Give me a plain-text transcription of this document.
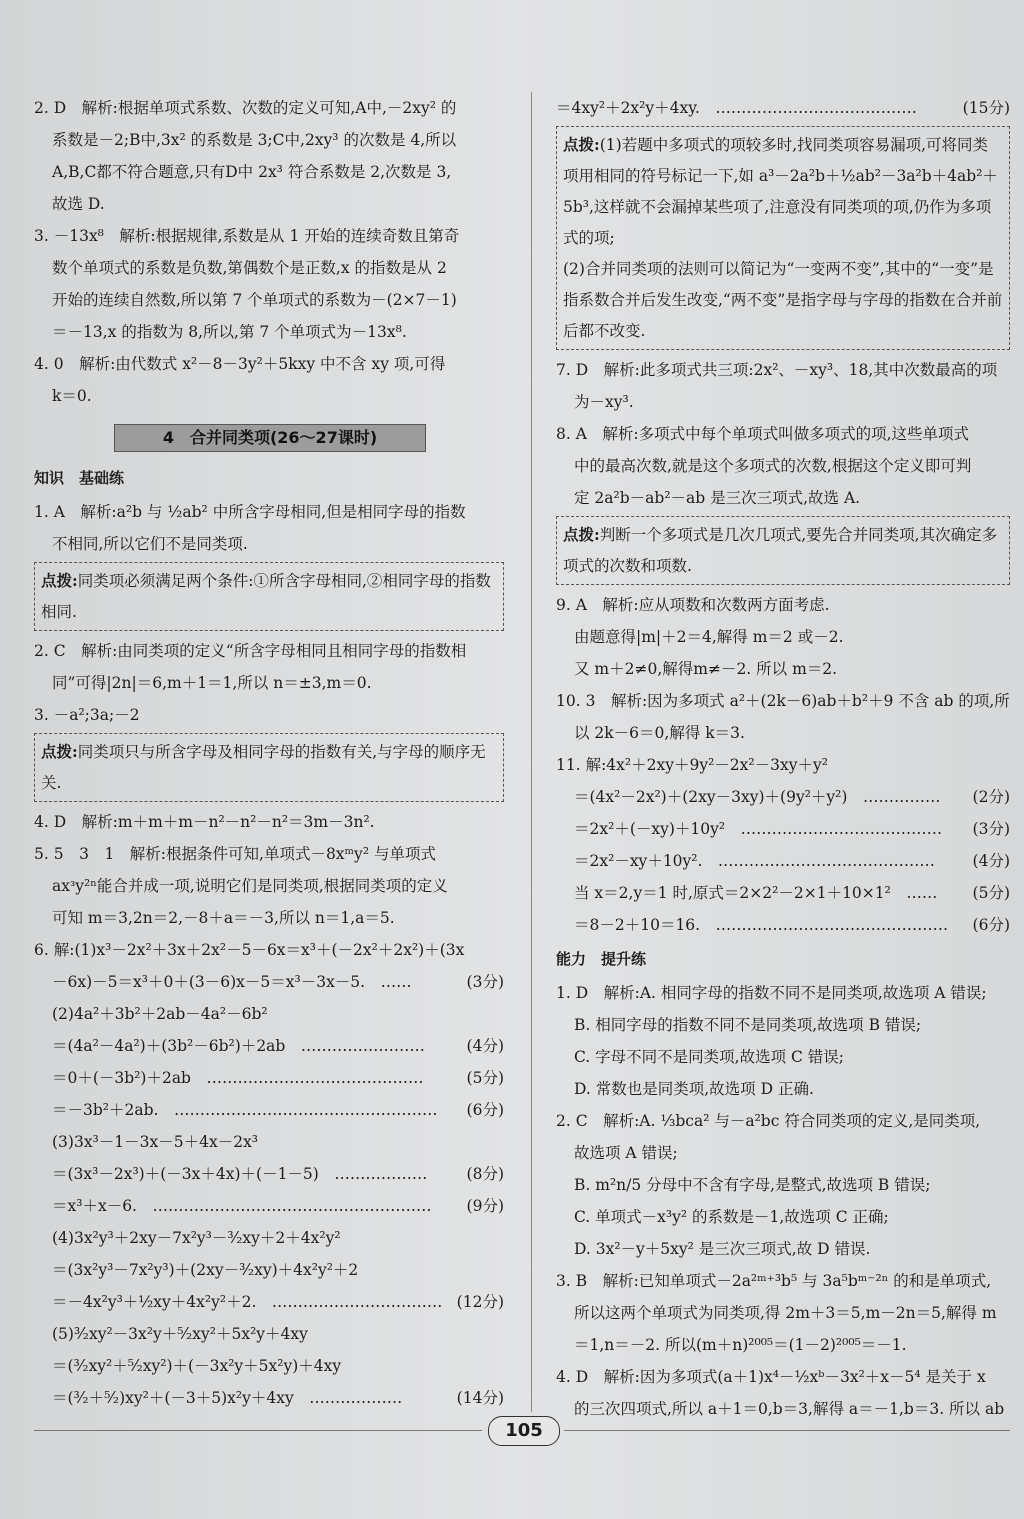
2. D　解析:根据单项式系数、次数的定义可知,A中,－2xy² 的
系数是－2;B中,3x² 的系数是 3;C中,2xy³ 的次数是 4,所以
A,B,C都不符合题意,只有D中 2x³ 符合系数是 2,次数是 3,
故选 D.
3. －13x⁸　解析:根据规律,系数是从 1 开始的连续奇数且第奇
数个单项式的系数是负数,第偶数个是正数,x 的指数是从 2
开始的连续自然数,所以第 7 个单项式的系数为－(2×7－1)
＝－13,x 的指数为 8,所以,第 7 个单项式为－13x⁸.
4. 0　解析:由代数式 x²－8－3y²＋5kxy 中不含 xy 项,可得
k＝0.
4　合并同类项(26～27课时)
知识　基础练
1. A　解析:a²b 与 ½ab² 中所含字母相同,但是相同字母的指数
不相同,所以它们不是同类项.
点拨:同类项必须满足两个条件:①所含字母相同,②相同字母的指数相同.
2. C　解析:由同类项的定义“所含字母相同且相同字母的指数相
同”可得|2n|＝6,m＋1＝1,所以 n＝±3,m＝0.
3. －a²;3a;－2
点拨:同类项只与所含字母及相同字母的指数有关,与字母的顺序无关.
4. D　解析:m＋m＋m－n²－n²－n²＝3m－3n².
5. 5　3　1　解析:根据条件可知,单项式－8xᵐy² 与单项式
axᵌy²ⁿ能合并成一项,说明它们是同类项,根据同类项的定义
可知 m＝3,2n＝2,－8＋a＝－3,所以 n＝1,a＝5.
6. 解:(1)x³－2x²＋3x＋2x²－5－6x＝x³＋(－2x²＋2x²)＋(3x
(3分)
－6x)－5＝x³＋0＋(3－6)x－5＝x³－3x－5.　……
(2)4a²＋3b²＋2ab－4a²－6b²
(4分)
＝(4a²－4a²)＋(3b²－6b²)＋2ab　……………………
(5分)
＝0＋(－3b²)＋2ab　……………………………………
(6分)
＝－3b²＋2ab.　……………………………………………
(3)3x³－1－3x－5＋4x－2x³
(8分)
＝(3x³－2x³)＋(－3x＋4x)＋(－1－5)　………………
(9分)
＝x³＋x－6.　………………………………………………
(4)3x²y³＋2xy－7x²y³－³⁄₂xy＋2＋4x²y²
＝(3x²y³－7x²y³)＋(2xy－³⁄₂xy)＋4x²y²＋2
(12分)
＝－4x²y³＋½xy＋4x²y²＋2.　……………………………
(5)³⁄₂xy²－3x²y＋⁵⁄₂xy²＋5x²y＋4xy
＝(³⁄₂xy²＋⁵⁄₂xy²)＋(－3x²y＋5x²y)＋4xy
(14分)
＝(³⁄₂＋⁵⁄₂)xy²＋(－3＋5)x²y＋4xy　………………
(15分)
＝4xy²＋2x²y＋4xy.　…………………………………
点拨:(1)若题中多项式的项较多时,找同类项容易漏项,可将同类项用相同的符号标记一下,如 a³－2a²b＋½ab²－3a²b＋4ab²＋5b³,这样就不会漏掉某些项了,注意没有同类项的项,仍作为多项式的项;
(2)合并同类项的法则可以简记为“一变两不变”,其中的“一变”是指系数合并后发生改变,“两不变”是指字母与字母的指数在合并前后都不改变.
7. D　解析:此多项式共三项:2x²、－xy³、18,其中次数最高的项
为－xy³.
8. A　解析:多项式中每个单项式叫做多项式的项,这些单项式
中的最高次数,就是这个多项式的次数,根据这个定义即可判
定 2a²b－ab²－ab 是三次三项式,故选 A.
点拨:判断一个多项式是几次几项式,要先合并同类项,其次确定多项式的次数和项数.
9. A　解析:应从项数和次数两方面考虑.
由题意得|m|＋2＝4,解得 m＝2 或－2.
又 m＋2≠0,解得m≠－2. 所以 m＝2.
10. 3　解析:因为多项式 a²＋(2k－6)ab＋b²＋9 不含 ab 的项,所
以 2k－6＝0,解得 k＝3.
11. 解:4x²＋2xy＋9y²－2x²－3xy＋y²
(2分)
＝(4x²－2x²)＋(2xy－3xy)＋(9y²＋y²)　……………
(3分)
＝2x²＋(－xy)＋10y²　…………………………………
(4分)
＝2x²－xy＋10y².　……………………………………
(5分)
当 x＝2,y＝1 时,原式＝2×2²－2×1＋10×1²　……
(6分)
＝8－2＋10＝16.　………………………………………
能力　提升练
1. D　解析:A. 相同字母的指数不同不是同类项,故选项 A 错误;
B. 相同字母的指数不同不是同类项,故选项 B 错误;
C. 字母不同不是同类项,故选项 C 错误;
D. 常数也是同类项,故选项 D 正确.
2. C　解析:A. ⅓bca² 与－a²bc 符合同类项的定义,是同类项,
故选项 A 错误;
B. m²n/5 分母中不含有字母,是整式,故选项 B 错误;
C. 单项式－x³y² 的系数是－1,故选项 C 正确;
D. 3x²－y＋5xy² 是三次三项式,故 D 错误.
3. B　解析:已知单项式－2a²ᵐ⁺³b⁵ 与 3a⁵bᵐ⁻²ⁿ 的和是单项式,
所以这两个单项式为同类项,得 2m＋3＝5,m－2n＝5,解得 m
＝1,n＝－2. 所以(m＋n)²⁰⁰⁵＝(1－2)²⁰⁰⁵＝－1.
4. D　解析:因为多项式(a＋1)x⁴－½xᵇ－3x²＋x－5⁴ 是关于 x
的三次四项式,所以 a＋1＝0,b＝3,解得 a＝－1,b＝3. 所以 ab
105
